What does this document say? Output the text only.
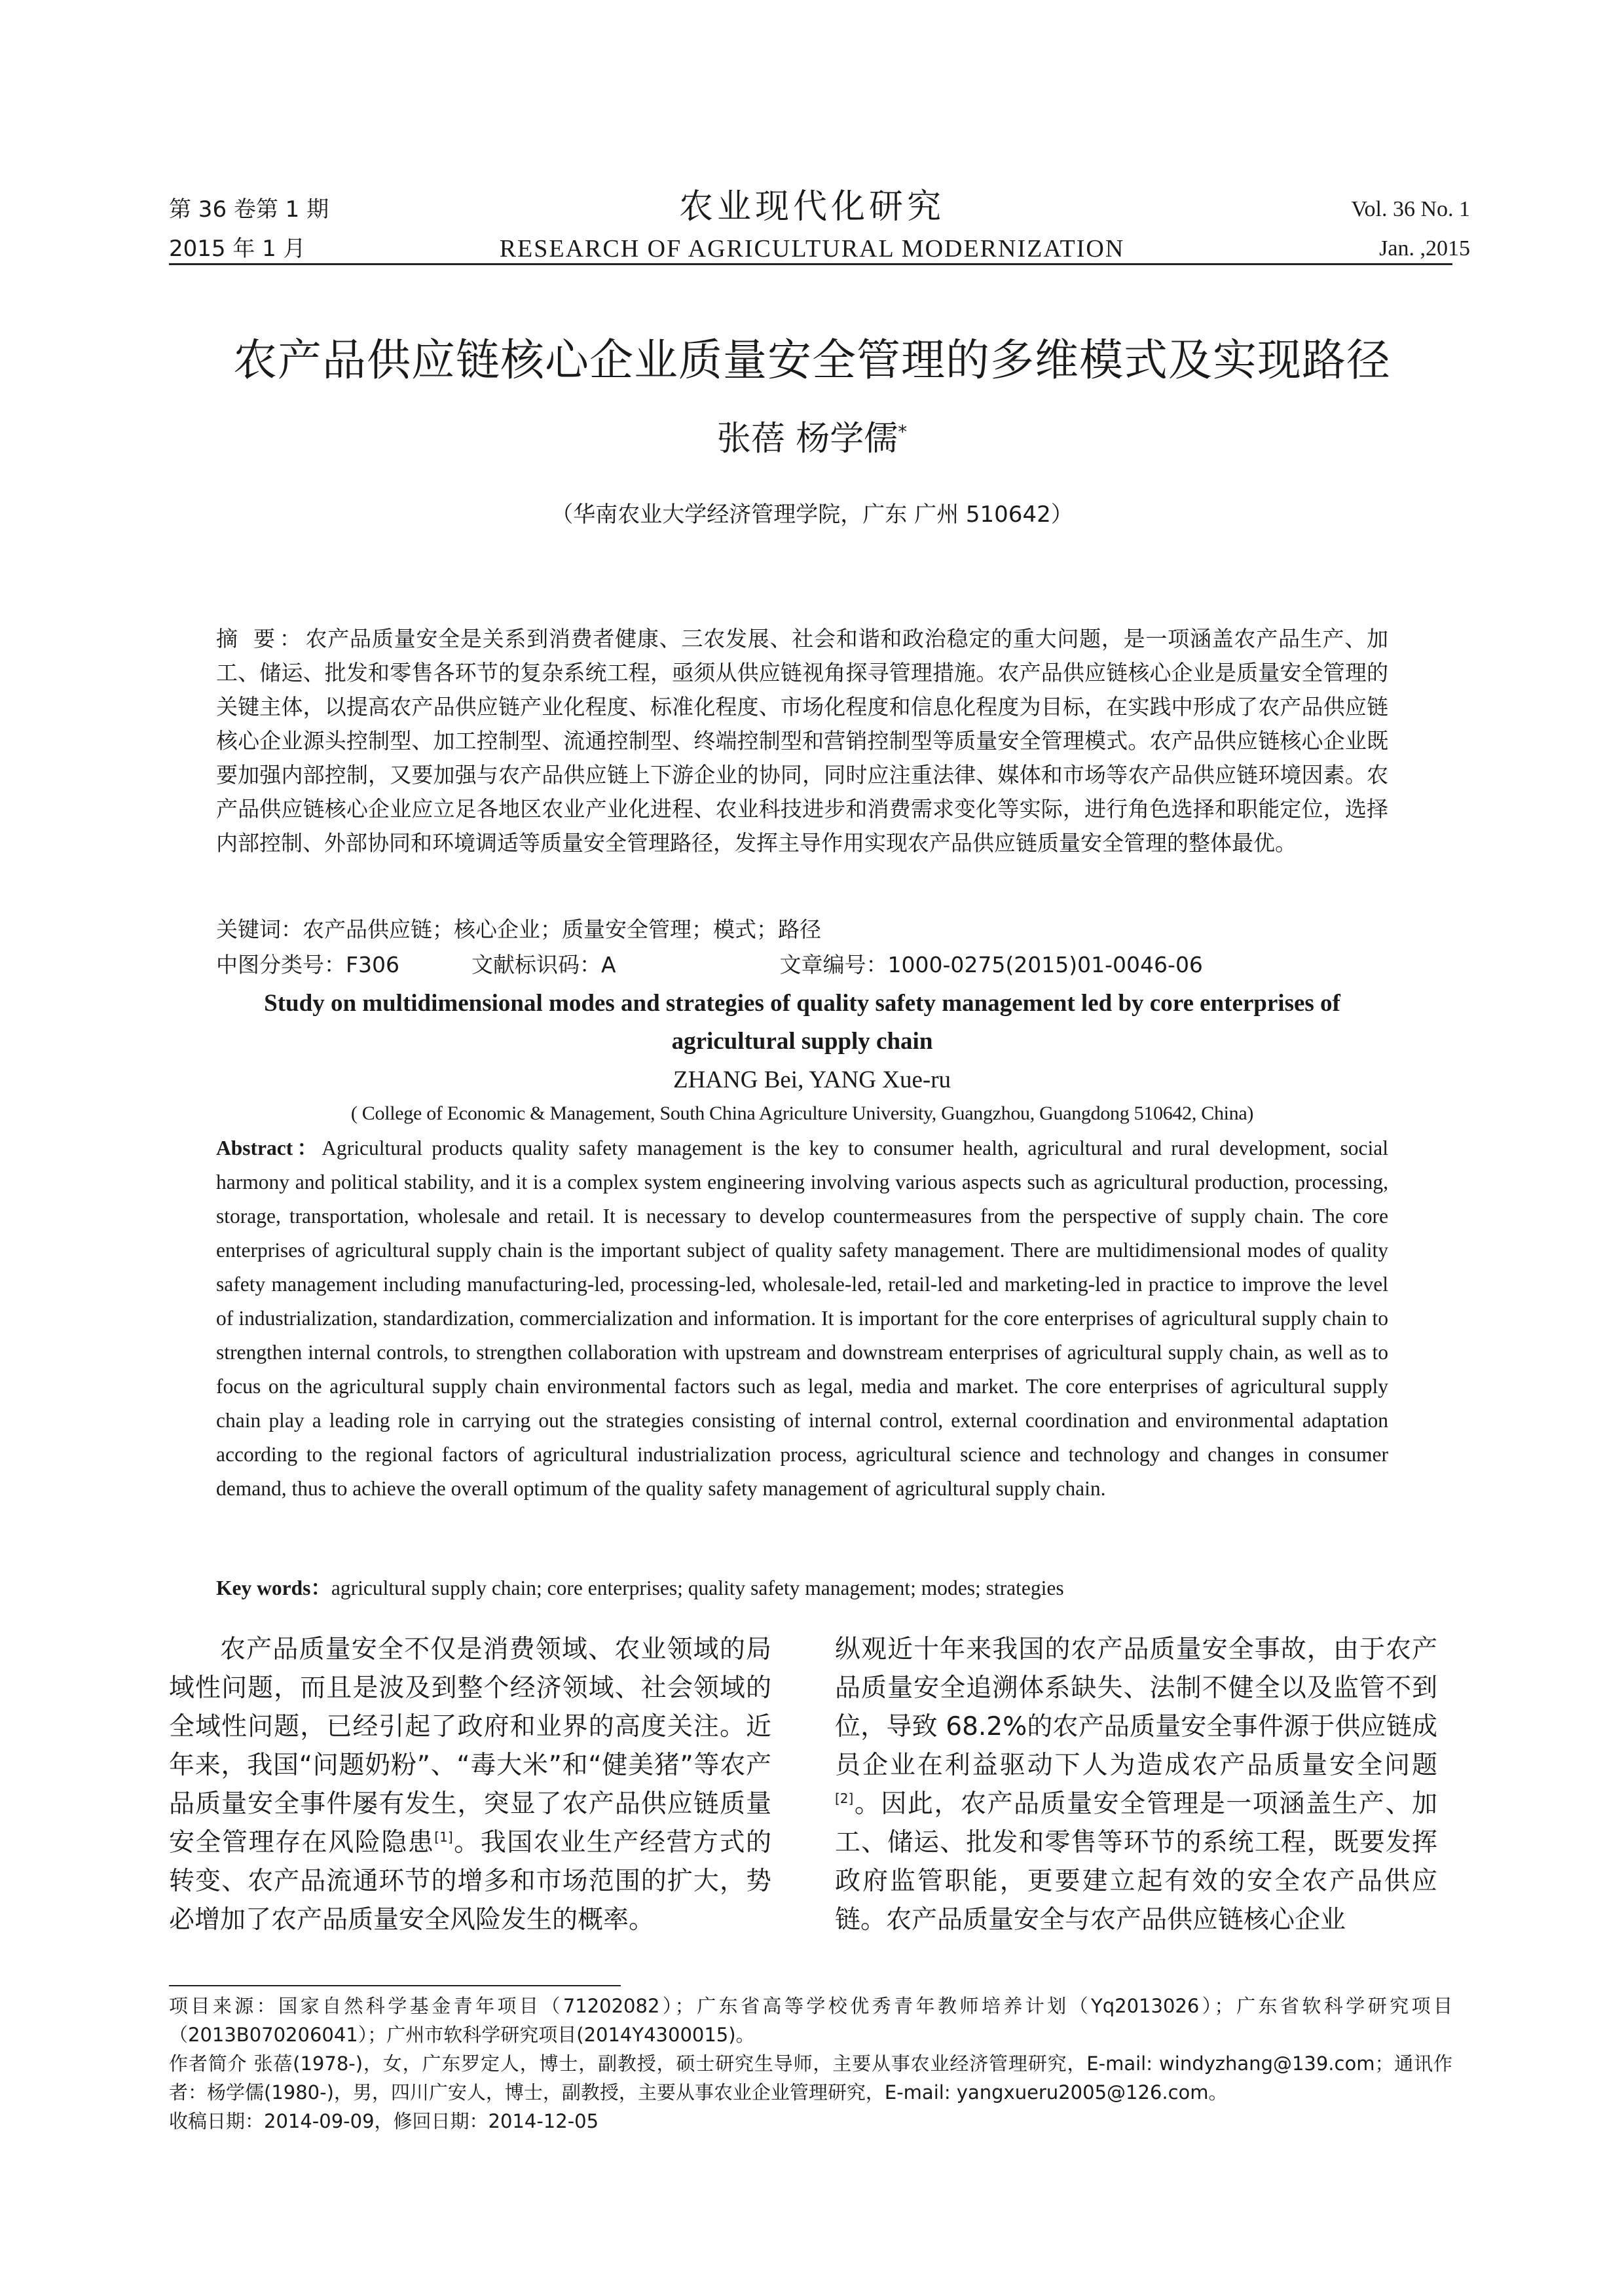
第 36 卷第 1 期
2015 年 1 月
农业现代化研究
RESEARCH OF AGRICULTURAL MODERNIZATION
Vol. 36 No. 1
Jan. ,2015
农产品供应链核心企业质量安全管理的多维模式及实现路径
张蓓 杨学儒*
（华南农业大学经济管理学院，广东 广州 510642）
摘 要：农产品质量安全是关系到消费者健康、三农发展、社会和谐和政治稳定的重大问题，是一项涵盖农产品生产、加工、储运、批发和零售各环节的复杂系统工程，亟须从供应链视角探寻管理措施。农产品供应链核心企业是质量安全管理的关键主体，以提高农产品供应链产业化程度、标准化程度、市场化程度和信息化程度为目标，在实践中形成了农产品供应链核心企业源头控制型、加工控制型、流通控制型、终端控制型和营销控制型等质量安全管理模式。农产品供应链核心企业既要加强内部控制，又要加强与农产品供应链上下游企业的协同，同时应注重法律、媒体和市场等农产品供应链环境因素。农产品供应链核心企业应立足各地区农业产业化进程、农业科技进步和消费需求变化等实际，进行角色选择和职能定位，选择内部控制、外部协同和环境调适等质量安全管理路径，发挥主导作用实现农产品供应链质量安全管理的整体最优。
关键词：农产品供应链；核心企业；质量安全管理；模式；路径
中图分类号：F306	文献标识码：A	文章编号：1000-0275(2015)01-0046-06
Study on multidimensional modes and strategies of quality safety management led by core enterprises of agricultural supply chain
ZHANG Bei, YANG Xue-ru
( College of Economic & Management, South China Agriculture University, Guangzhou, Guangdong 510642, China)
Abstract：Agricultural products quality safety management is the key to consumer health, agricultural and rural development, social harmony and political stability, and it is a complex system engineering involving various aspects such as agricultural production, processing, storage, transportation, wholesale and retail. It is necessary to develop countermeasures from the perspective of supply chain. The core enterprises of agricultural supply chain is the important subject of quality safety management. There are multidimensional modes of quality safety management including manufacturing-led, processing-led, wholesale-led, retail-led and marketing-led in practice to improve the level of industrialization, standardization, commercialization and information. It is important for the core enterprises of agricultural supply chain to strengthen internal controls, to strengthen collaboration with upstream and downstream enterprises of agricultural supply chain, as well as to focus on the agricultural supply chain environmental factors such as legal, media and market. The core enterprises of agricultural supply chain play a leading role in carrying out the strategies consisting of internal control, external coordination and environmental adaptation according to the regional factors of agricultural industrialization process, agricultural science and technology and changes in consumer demand, thus to achieve the overall optimum of the quality safety management of agricultural supply chain.
Key words：agricultural supply chain; core enterprises; quality safety management; modes; strategies

农产品质量安全不仅是消费领域、农业领域的局域性问题，而且是波及到整个经济领域、社会领域的全域性问题，已经引起了政府和业界的高度关注。近年来，我国“问题奶粉”、“毒大米”和“健美猪”等农产品质量安全事件屡有发生，突显了农产品供应链质量安全管理存在风险隐患[1]。我国农业生产经营方式的转变、农产品流通环节的增多和市场范围的扩大，势必增加了农产品质量安全风险发生的概率。

纵观近十年来我国的农产品质量安全事故，由于农产品质量安全追溯体系缺失、法制不健全以及监管不到位，导致 68.2%的农产品质量安全事件源于供应链成员企业在利益驱动下人为造成农产品质量安全问题[2]。因此，农产品质量安全管理是一项涵盖生产、加工、储运、批发和零售等环节的系统工程，既要发挥政府监管职能，更要建立起有效的安全农产品供应链。农产品质量安全与农产品供应链核心企业

项目来源：国家自然科学基金青年项目（71202082）；广东省高等学校优秀青年教师培养计划（Yq2013026）；广东省软科学研究项目（2013B070206041）；广州市软科学研究项目(2014Y4300015)。

作者简介 张蓓(1978-)，女，广东罗定人，博士，副教授，硕士研究生导师，主要从事农业经济管理研究，E-mail: windyzhang@139.com；通讯作者：杨学儒(1980-)，男，四川广安人，博士，副教授，主要从事农业企业管理研究，E-mail: yangxueru2005@126.com。

收稿日期：2014-09-09，修回日期：2014-12-05
